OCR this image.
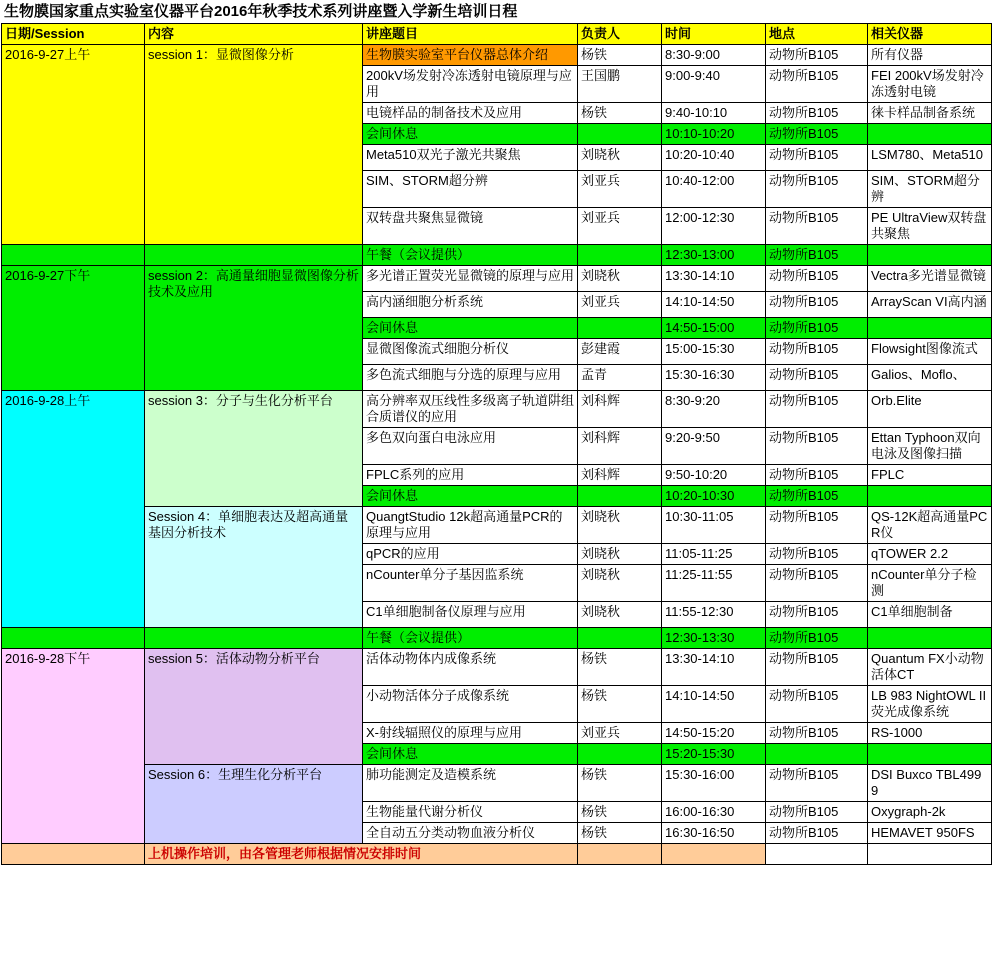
生物膜国家重点实验室仪器平台2016年秋季技术系列讲座暨入学新生培训日程
日期/Session	内容	讲座题目	负责人	时间	地点	相关仪器
2016-9-27上午	session 1：显微图像分析	生物膜实验室平台仪器总体介绍	杨铁	8:30-9:00	动物所B105	所有仪器
		200kV场发射冷冻透射电镜原理与应用	王国鹏	9:00-9:40	动物所B105	FEI 200kV场发射冷冻透射电镜
		电镜样品的制备技术及应用	杨铁	9:40-10:10	动物所B105	徕卡样品制备系统
		会间休息		10:10-10:20	动物所B105	
		Meta510双光子激光共聚焦	刘晓秋	10:20-10:40	动物所B105	LSM780、Meta510
		SIM、STORM超分辨	刘亚兵	10:40-12:00	动物所B105	SIM、STORM超分辨
		双转盘共聚焦显微镜	刘亚兵	12:00-12:30	动物所B105	PE UltraView双转盘共聚焦
		午餐（会议提供）		12:30-13:00	动物所B105	
2016-9-27下午	session 2：高通量细胞显微图像分析技术及应用	多光谱正置荧光显微镜的原理与应用	刘晓秋	13:30-14:10	动物所B105	Vectra多光谱显微镜
		高内涵细胞分析系统	刘亚兵	14:10-14:50	动物所B105	ArrayScan VI高内涵
		会间休息		14:50-15:00	动物所B105	
		显微图像流式细胞分析仪	彭建霞	15:00-15:30	动物所B105	Flowsight图像流式
		多色流式细胞与分选的原理与应用	孟青	15:30-16:30	动物所B105	Galios、Moflo、
2016-9-28上午	session 3：分子与生化分析平台	高分辨率双压线性多级离子轨道阱组合质谱仪的应用	刘科辉	8:30-9:20	动物所B105	Orb.Elite
		多色双向蛋白电泳应用	刘科辉	9:20-9:50	动物所B105	Ettan Typhoon双向电泳及图像扫描
		FPLC系列的应用	刘科辉	9:50-10:20	动物所B105	FPLC
		会间休息		10:20-10:30	动物所B105	
	Session 4：单细胞表达及超高通量基因分析技术	QuangtStudio 12k超高通量PCR的原理与应用	刘晓秋	10:30-11:05	动物所B105	QS-12K超高通量PCR仪
		qPCR的应用	刘晓秋	11:05-11:25	动物所B105	qTOWER 2.2
		nCounter单分子基因监系统	刘晓秋	11:25-11:55	动物所B105	nCounter单分子检测
		C1单细胞制备仪原理与应用	刘晓秋	11:55-12:30	动物所B105	C1单细胞制备
		午餐（会议提供）		12:30-13:30	动物所B105	
2016-9-28下午	session 5：活体动物分析平台	活体动物体内成像系统	杨铁	13:30-14:10	动物所B105	Quantum FX小动物活体CT
		小动物活体分子成像系统	杨铁	14:10-14:50	动物所B105	LB 983 NightOWL II荧光成像系统
		X-射线辐照仪的原理与应用	刘亚兵	14:50-15:20	动物所B105	RS-1000
		会间休息		15:20-15:30		
	Session 6：生理生化分析平台	肺功能测定及造模系统	杨铁	15:30-16:00	动物所B105	DSI Buxco TBL4999
		生物能量代谢分析仪	杨铁	16:00-16:30	动物所B105	Oxygraph-2k
		全自动五分类动物血液分析仪	杨铁	16:30-16:50	动物所B105	HEMAVET 950FS
	上机操作培训，由各管理老师根据情况安排时间					
